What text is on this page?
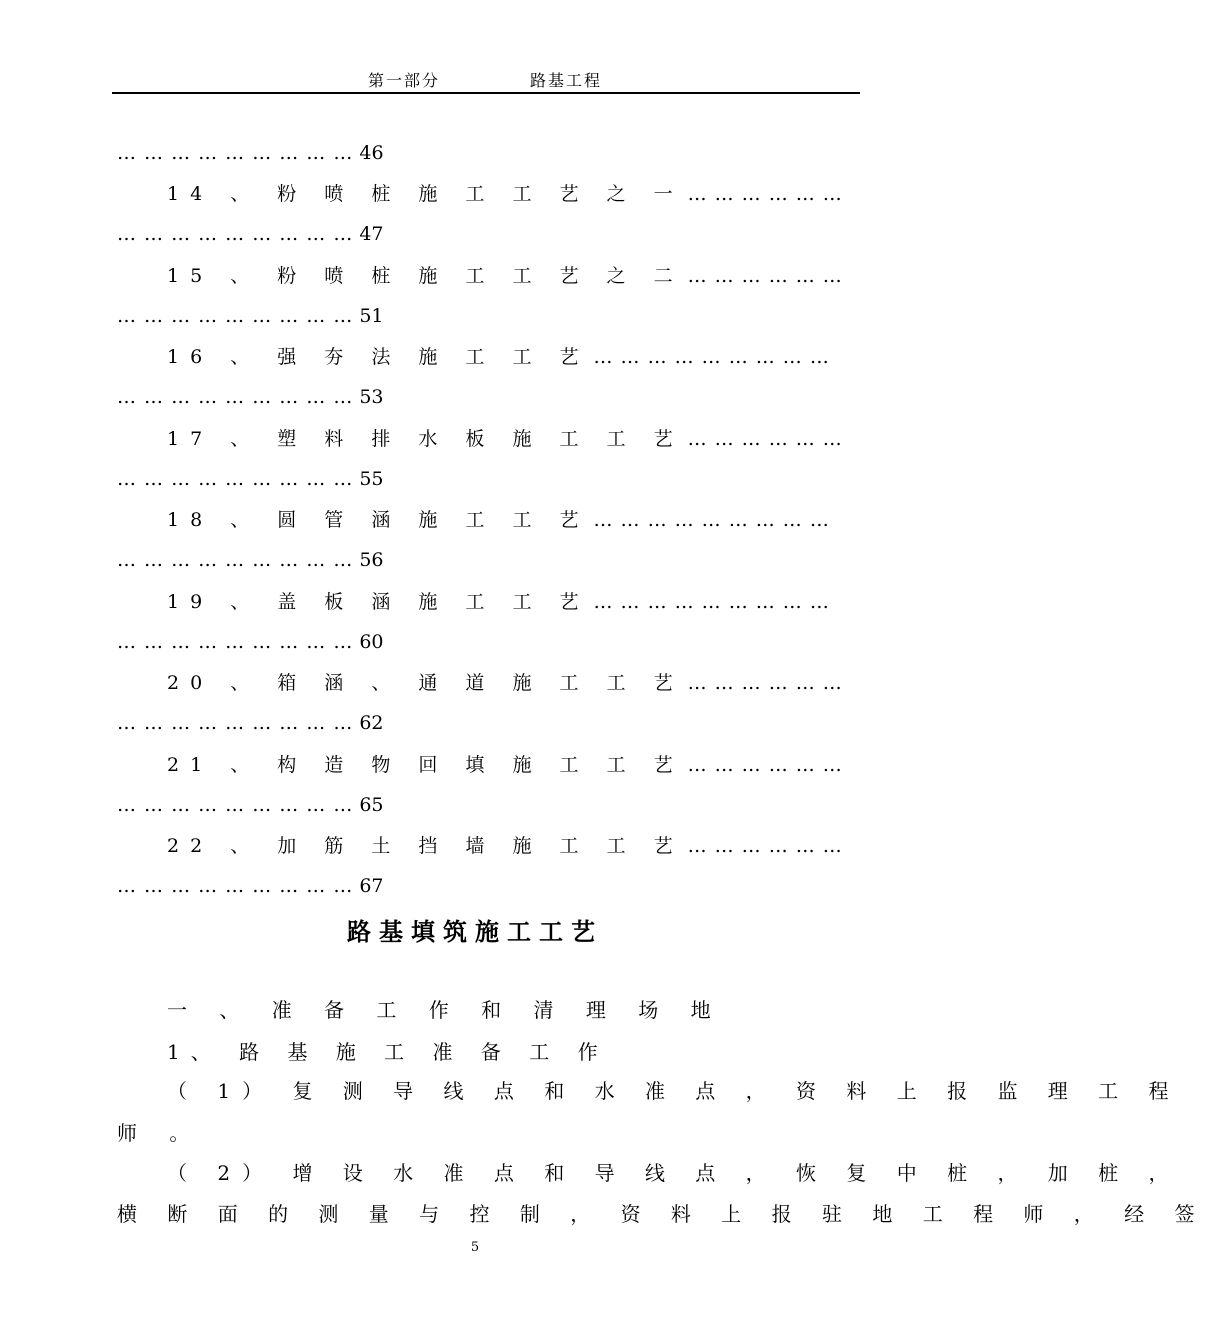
第一部分	路基工程
… … … … … … … … … 46
14 、 粉 喷 桩 施 工 工 艺 之 一 … … … … … …
… … … … … … … … … 47
15 、 粉 喷 桩 施 工 工 艺 之 二 … … … … … …
… … … … … … … … … 51
16 、 强 夯 法 施 工 工 艺 … … … … … … … … …
… … … … … … … … … 53
17 、 塑 料 排 水 板 施 工 工 艺 … … … … … …
… … … … … … … … … 55
18 、 圆 管 涵 施 工 工 艺 … … … … … … … … …
… … … … … … … … … 56
19 、 盖 板 涵 施 工 工 艺 … … … … … … … … …
… … … … … … … … … 60
20 、 箱 涵 、 通 道 施 工 工 艺 … … … … … …
… … … … … … … … … 62
21 、 构 造 物 回 填 施 工 工 艺 … … … … … …
… … … … … … … … … 65
22 、 加 筋 土 挡 墙 施 工 工 艺 … … … … … …
… … … … … … … … … 67
路基填筑施工工艺
一 、 准 备 工 作 和 清 理 场 地
1、 路 基 施 工 准 备 工 作
（ 1） 复 测 导 线 点 和 水 准 点 ， 资 料 上 报 监 理 工 程
师 。
（ 2） 增 设 水 准 点 和 导 线 点 ， 恢 复 中 桩 ， 加 桩 ，
横 断 面 的 测 量 与 控 制 ， 资 料 上 报 驻 地 工 程 师 ， 经 签
5
